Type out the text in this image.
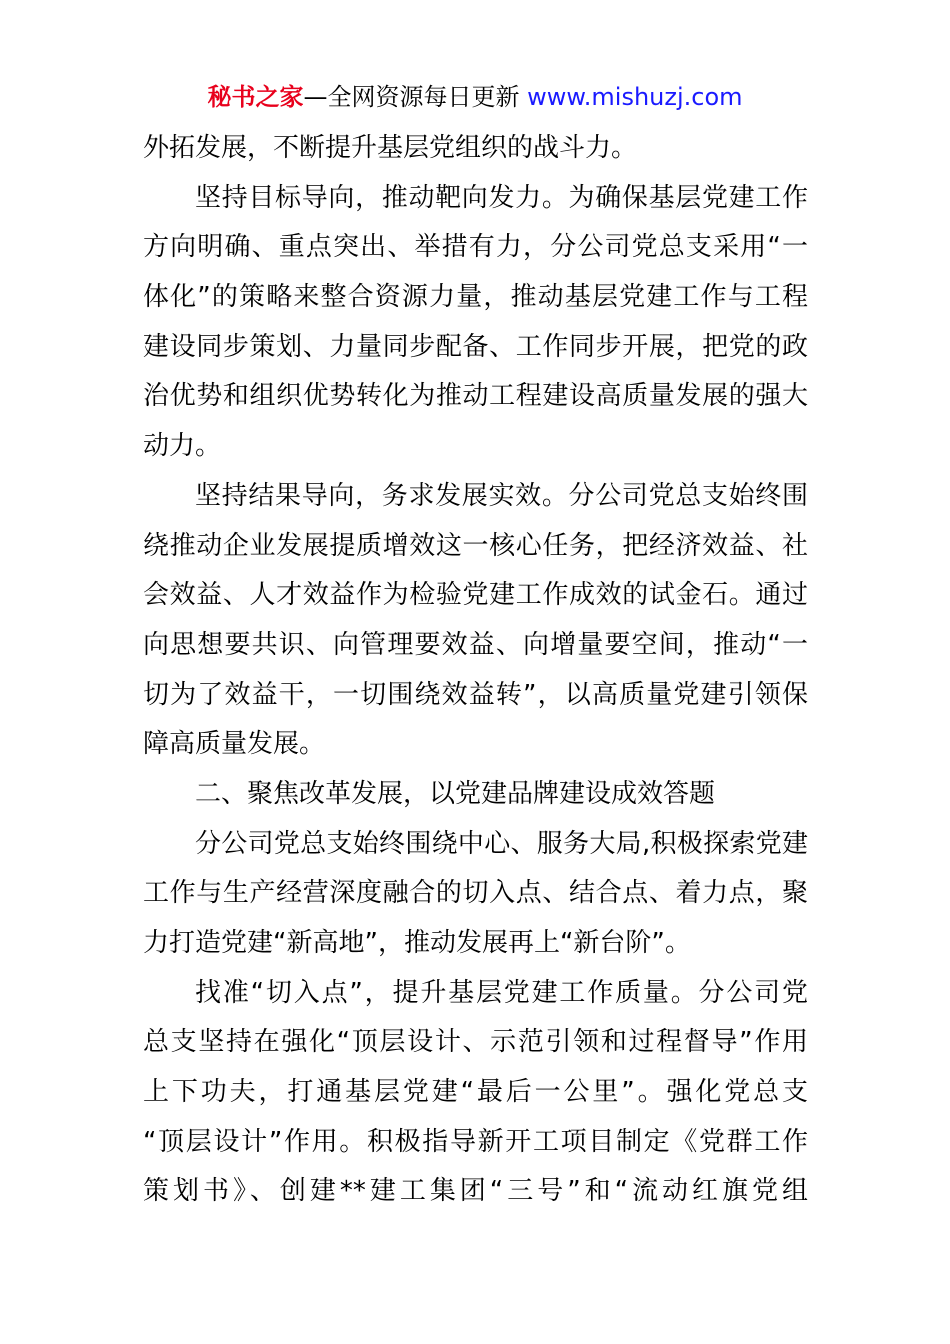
秘书之家—全网资源每日更新 www.mishuzj.com
外拓发展，不断提升基层党组织的战斗力。
坚持目标导向，推动靶向发力。为确保基层党建工作
方向明确、重点突出、举措有力，分公司党总支采用“一
体化”的策略来整合资源力量，推动基层党建工作与工程
建设同步策划、力量同步配备、工作同步开展，把党的政
治优势和组织优势转化为推动工程建设高质量发展的强大
动力。
坚持结果导向，务求发展实效。分公司党总支始终围
绕推动企业发展提质增效这一核心任务，把经济效益、社
会效益、人才效益作为检验党建工作成效的试金石。通过
向思想要共识、向管理要效益、向增量要空间，推动“一
切为了效益干，一切围绕效益转”，以高质量党建引领保
障高质量发展。
二、聚焦改革发展，以党建品牌建设成效答题
分公司党总支始终围绕中心、服务大局,积极探索党建
工作与生产经营深度融合的切入点、结合点、着力点，聚
力打造党建“新高地”，推动发展再上“新台阶”。
找准“切入点”，提升基层党建工作质量。分公司党
总支坚持在强化“顶层设计、示范引领和过程督导”作用
上下功夫，打通基层党建“最后一公里”。强化党总支
“顶层设计”作用。积极指导新开工项目制定《党群工作
策划书》、创建**建工集团“三号”和“流动红旗党组
